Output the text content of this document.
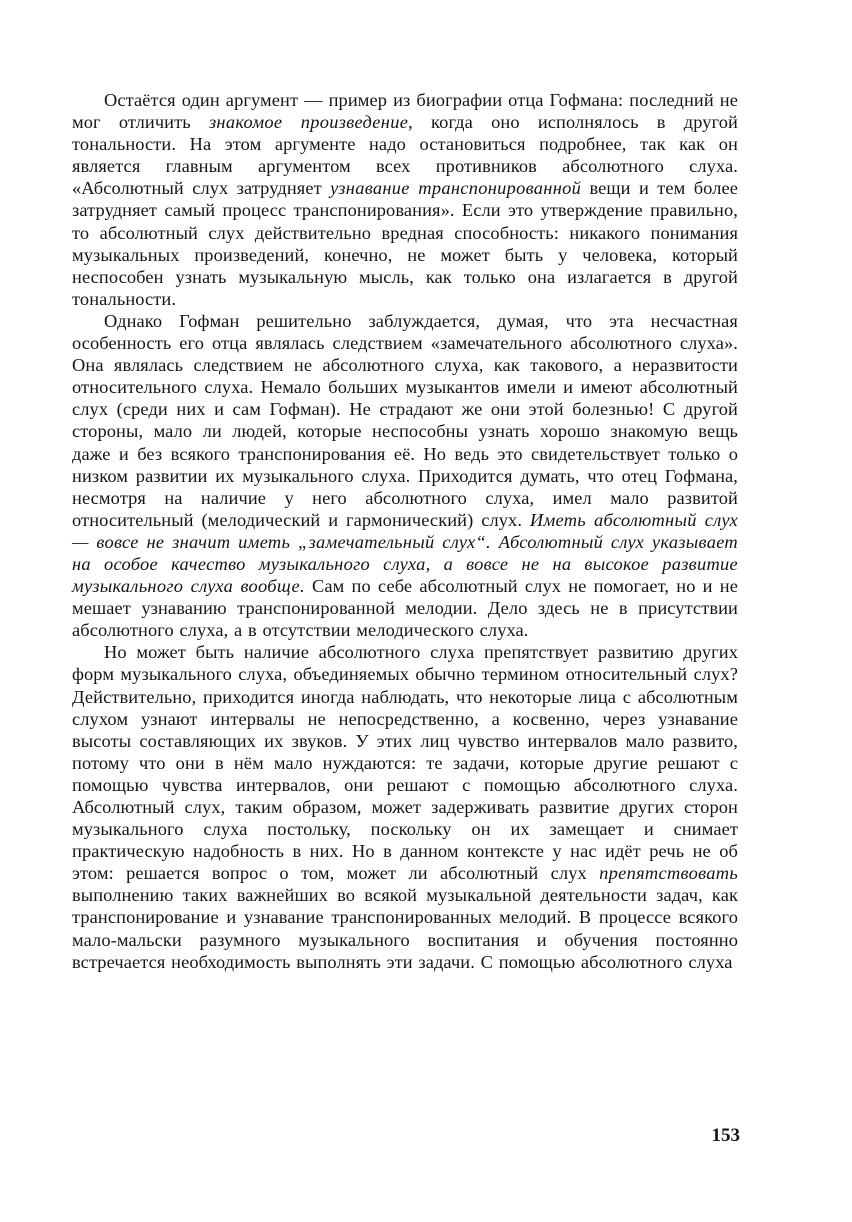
Остаётся один аргумент — пример из биографии отца Гофмана: последний не мог отличить знакомое произведение, когда оно исполнялось в другой тональности. На этом аргументе надо остановиться подробнее, так как он является главным аргументом всех противников абсолютного слуха. «Абсолютный слух затрудняет узнавание транспонированной вещи и тем более затрудняет самый процесс транспонирования». Если это утверждение правильно, то абсолютный слух действительно вредная способность: никакого понимания музыкальных произведений, конечно, не может быть у человека, который неспособен узнать музыкальную мысль, как только она излагается в другой тональности.

Однако Гофман решительно заблуждается, думая, что эта несчастная особенность его отца являлась следствием «замечательного абсолютного слуха». Она являлась следствием не абсолютного слуха, как такового, а неразвитости относительного слуха. Немало больших музыкантов имели и имеют абсолютный слух (среди них и сам Гофман). Не страдают же они этой болезнью! С другой стороны, мало ли людей, которые неспособны узнать хорошо знакомую вещь даже и без всякого транспонирования её. Но ведь это свидетельствует только о низком развитии их музыкального слуха. Приходится думать, что отец Гофмана, несмотря на наличие у него абсолютного слуха, имел мало развитой относительный (мелодический и гармонический) слух. Иметь абсолютный слух — вовсе не значит иметь „замечательный слух“. Абсолютный слух указывает на особое качество музыкального слуха, а вовсе не на высокое развитие музыкального слуха вообще. Сам по себе абсолютный слух не помогает, но и не мешает узнаванию транспонированной мелодии. Дело здесь не в присутствии абсолютного слуха, а в отсутствии мелодического слуха.

Но может быть наличие абсолютного слуха препятствует развитию других форм музыкального слуха, объединяемых обычно термином относительный слух? Действительно, приходится иногда наблюдать, что некоторые лица с абсолютным слухом узнают интервалы не непосредственно, а косвенно, через узнавание высоты составляющих их звуков. У этих лиц чувство интервалов мало развито, потому что они в нём мало нуждаются: те задачи, которые другие решают с помощью чувства интервалов, они решают с помощью абсолютного слуха. Абсолютный слух, таким образом, может задерживать развитие других сторон музыкального слуха постольку, поскольку он их замещает и снимает практическую надобность в них. Но в данном контексте у нас идёт речь не об этом: решается вопрос о том, может ли абсолютный слух препятствовать выполнению таких важнейших во всякой музыкальной деятельности задач, как транспонирование и узнавание транспонированных мелодий. В процессе всякого мало-мальски разумного музыкального воспитания и обучения постоянно встречается необходимость выполнять эти задачи. С помощью абсолютного слуха

153
